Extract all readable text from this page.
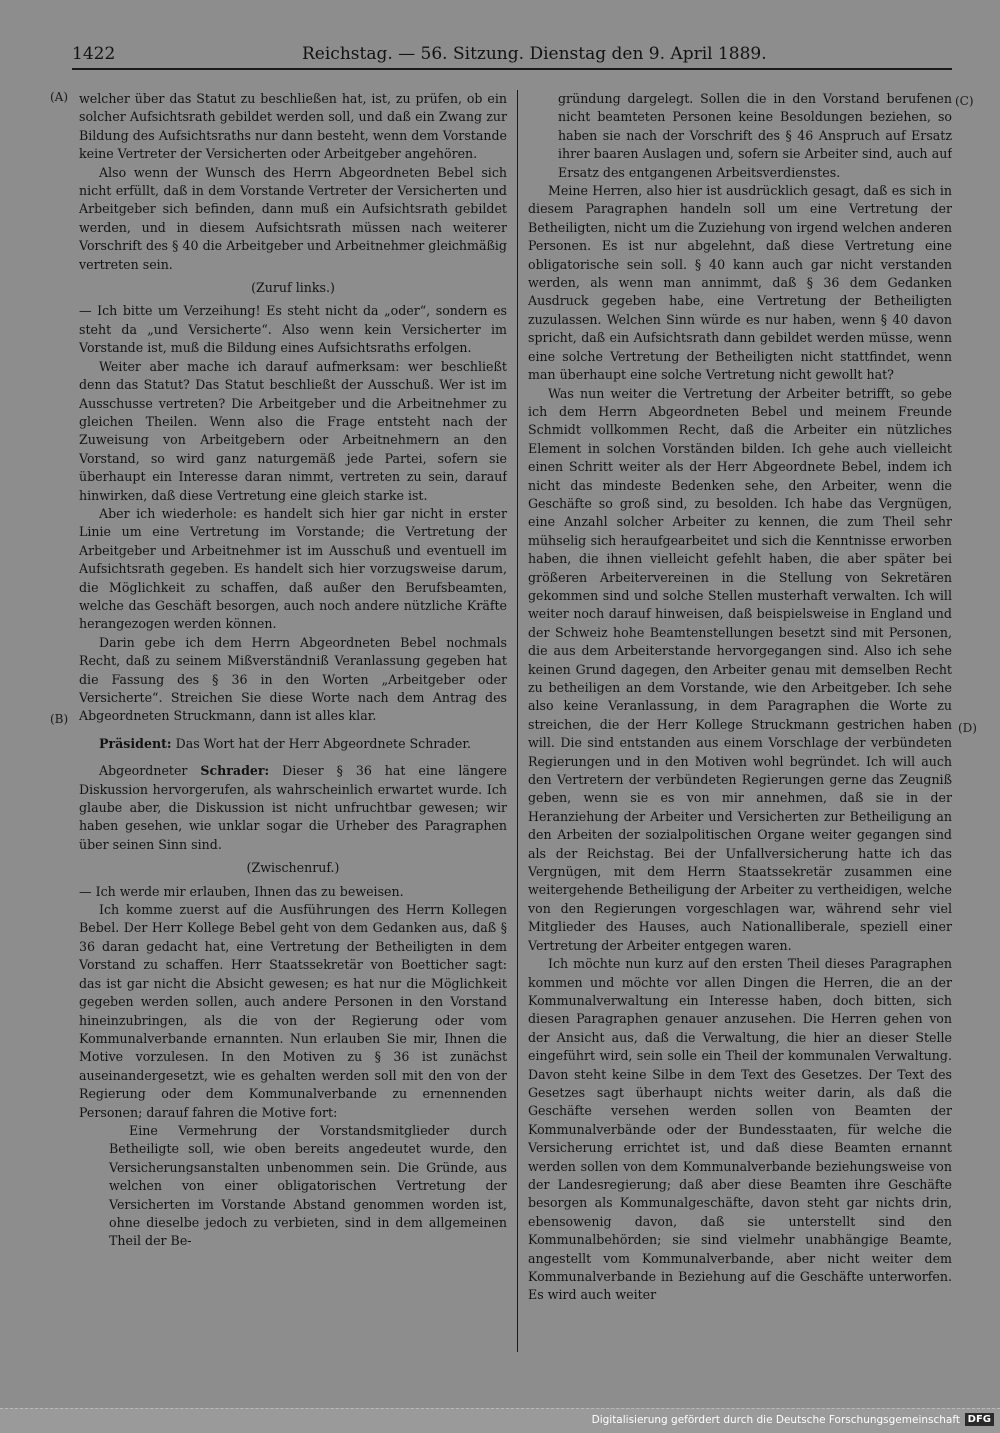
1422	Reichstag. — 56. Sitzung. Dienstag den 9. April 1889.
(A)
(B)
(C)
(D)

welcher über das Statut zu beschließen hat, ist, zu prüfen, ob ein solcher Aufsichtsrath gebildet werden soll, und daß ein Zwang zur Bildung des Aufsichtsraths nur dann besteht, wenn dem Vorstande keine Vertreter der Versicherten oder Arbeitgeber angehören.

Also wenn der Wunsch des Herrn Abgeordneten Bebel sich nicht erfüllt, daß in dem Vorstande Vertreter der Versicherten und Arbeitgeber sich befinden, dann muß ein Aufsichtsrath gebildet werden, und in diesem Aufsichtsrath müssen nach weiterer Vorschrift des § 40 die Arbeitgeber und Arbeitnehmer gleichmäßig vertreten sein.

(Zuruf links.)

— Ich bitte um Verzeihung! Es steht nicht da „oder“, sondern es steht da „und Versicherte“. Also wenn kein Versicherter im Vorstande ist, muß die Bildung eines Aufsichtsraths erfolgen.

Weiter aber mache ich darauf aufmerksam: wer beschließt denn das Statut? Das Statut beschließt der Ausschuß. Wer ist im Ausschusse vertreten? Die Arbeitgeber und die Arbeitnehmer zu gleichen Theilen. Wenn also die Frage entsteht nach der Zuweisung von Arbeitgebern oder Arbeitnehmern an den Vorstand, so wird ganz naturgemäß jede Partei, sofern sie überhaupt ein Interesse daran nimmt, vertreten zu sein, darauf hinwirken, daß diese Vertretung eine gleich starke ist.

Aber ich wiederhole: es handelt sich hier gar nicht in erster Linie um eine Vertretung im Vorstande; die Vertretung der Arbeitgeber und Arbeitnehmer ist im Ausschuß und eventuell im Aufsichtsrath gegeben. Es handelt sich hier vorzugsweise darum, die Möglichkeit zu schaffen, daß außer den Berufsbeamten, welche das Geschäft besorgen, auch noch andere nützliche Kräfte herangezogen werden können.

Darin gebe ich dem Herrn Abgeordneten Bebel nochmals Recht, daß zu seinem Mißverständniß Veranlassung gegeben hat die Fassung des § 36 in den Worten „Arbeitgeber oder Versicherte“. Streichen Sie diese Worte nach dem Antrag des Abgeordneten Struckmann, dann ist alles klar.

Präsident: Das Wort hat der Herr Abgeordnete Schrader.

Abgeordneter Schrader: Dieser § 36 hat eine längere Diskussion hervorgerufen, als wahrscheinlich erwartet wurde. Ich glaube aber, die Diskussion ist nicht unfruchtbar gewesen; wir haben gesehen, wie unklar sogar die Urheber des Paragraphen über seinen Sinn sind.

(Zwischenruf.)

— Ich werde mir erlauben, Ihnen das zu beweisen.

Ich komme zuerst auf die Ausführungen des Herrn Kollegen Bebel. Der Herr Kollege Bebel geht von dem Gedanken aus, daß § 36 daran gedacht hat, eine Vertretung der Betheiligten in dem Vorstand zu schaffen. Herr Staatssekretär von Boetticher sagt: das ist gar nicht die Absicht gewesen; es hat nur die Möglichkeit gegeben werden sollen, auch andere Personen in den Vorstand hineinzubringen, als die von der Regierung oder vom Kommunalverbande ernannten. Nun erlauben Sie mir, Ihnen die Motive vorzulesen. In den Motiven zu § 36 ist zunächst auseinandergesetzt, wie es gehalten werden soll mit den von der Regierung oder dem Kommunalverbande zu ernennenden Personen; darauf fahren die Motive fort:

Eine Vermehrung der Vorstandsmitglieder durch Betheiligte soll, wie oben bereits angedeutet wurde, den Versicherungsanstalten unbenommen sein. Die Gründe, aus welchen von einer obligatorischen Vertretung der Versicherten im Vorstande Abstand genommen worden ist, ohne dieselbe jedoch zu verbieten, sind in dem allgemeinen Theil der Be-

gründung dargelegt. Sollen die in den Vorstand berufenen nicht beamteten Personen keine Besoldungen beziehen, so haben sie nach der Vorschrift des § 46 Anspruch auf Ersatz ihrer baaren Auslagen und, sofern sie Arbeiter sind, auch auf Ersatz des entgangenen Arbeitsverdienstes.

Meine Herren, also hier ist ausdrücklich gesagt, daß es sich in diesem Paragraphen handeln soll um eine Vertretung der Betheiligten, nicht um die Zuziehung von irgend welchen anderen Personen. Es ist nur abgelehnt, daß diese Vertretung eine obligatorische sein soll. § 40 kann auch gar nicht verstanden werden, als wenn man annimmt, daß § 36 dem Gedanken Ausdruck gegeben habe, eine Vertretung der Betheiligten zuzulassen. Welchen Sinn würde es nur haben, wenn § 40 davon spricht, daß ein Aufsichtsrath dann gebildet werden müsse, wenn eine solche Vertretung der Betheiligten nicht stattfindet, wenn man überhaupt eine solche Vertretung nicht gewollt hat?

Was nun weiter die Vertretung der Arbeiter betrifft, so gebe ich dem Herrn Abgeordneten Bebel und meinem Freunde Schmidt vollkommen Recht, daß die Arbeiter ein nützliches Element in solchen Vorständen bilden. Ich gehe auch vielleicht einen Schritt weiter als der Herr Abgeordnete Bebel, indem ich nicht das mindeste Bedenken sehe, den Arbeiter, wenn die Geschäfte so groß sind, zu besolden. Ich habe das Vergnügen, eine Anzahl solcher Arbeiter zu kennen, die zum Theil sehr mühselig sich heraufgearbeitet und sich die Kenntnisse erworben haben, die ihnen vielleicht gefehlt haben, die aber später bei größeren Arbeitervereinen in die Stellung von Sekretären gekommen sind und solche Stellen musterhaft verwalten. Ich will weiter noch darauf hinweisen, daß beispielsweise in England und der Schweiz hohe Beamtenstellungen besetzt sind mit Personen, die aus dem Arbeiterstande hervorgegangen sind. Also ich sehe keinen Grund dagegen, den Arbeiter genau mit demselben Recht zu betheiligen an dem Vorstande, wie den Arbeitgeber. Ich sehe also keine Veranlassung, in dem Paragraphen die Worte zu streichen, die der Herr Kollege Struckmann gestrichen haben will. Die sind entstanden aus einem Vorschlage der verbündeten Regierungen und in den Motiven wohl begründet. Ich will auch den Vertretern der verbündeten Regierungen gerne das Zeugniß geben, wenn sie es von mir annehmen, daß sie in der Heranziehung der Arbeiter und Versicherten zur Betheiligung an den Arbeiten der sozialpolitischen Organe weiter gegangen sind als der Reichstag. Bei der Unfallversicherung hatte ich das Vergnügen, mit dem Herrn Staatssekretär zusammen eine weitergehende Betheiligung der Arbeiter zu vertheidigen, welche von den Regierungen vorgeschlagen war, während sehr viel Mitglieder des Hauses, auch Nationalliberale, speziell einer Vertretung der Arbeiter entgegen waren.

Ich möchte nun kurz auf den ersten Theil dieses Paragraphen kommen und möchte vor allen Dingen die Herren, die an der Kommunalverwaltung ein Interesse haben, doch bitten, sich diesen Paragraphen genauer anzusehen. Die Herren gehen von der Ansicht aus, daß die Verwaltung, die hier an dieser Stelle eingeführt wird, sein solle ein Theil der kommunalen Verwaltung. Davon steht keine Silbe in dem Text des Gesetzes. Der Text des Gesetzes sagt überhaupt nichts weiter darin, als daß die Geschäfte versehen werden sollen von Beamten der Kommunalverbände oder der Bundesstaaten, für welche die Versicherung errichtet ist, und daß diese Beamten ernannt werden sollen von dem Kommunalverbande beziehungsweise von der Landesregierung; daß aber diese Beamten ihre Geschäfte besorgen als Kommunalgeschäfte, davon steht gar nichts drin, ebensowenig davon, daß sie unterstellt sind den Kommunalbehörden; sie sind vielmehr unabhängige Beamte, angestellt vom Kommunalverbande, aber nicht weiter dem Kommunalverbande in Beziehung auf die Geschäfte unterworfen. Es wird auch weiter

Digitalisierung gefördert durch die Deutsche Forschungsgemeinschaft DFG
